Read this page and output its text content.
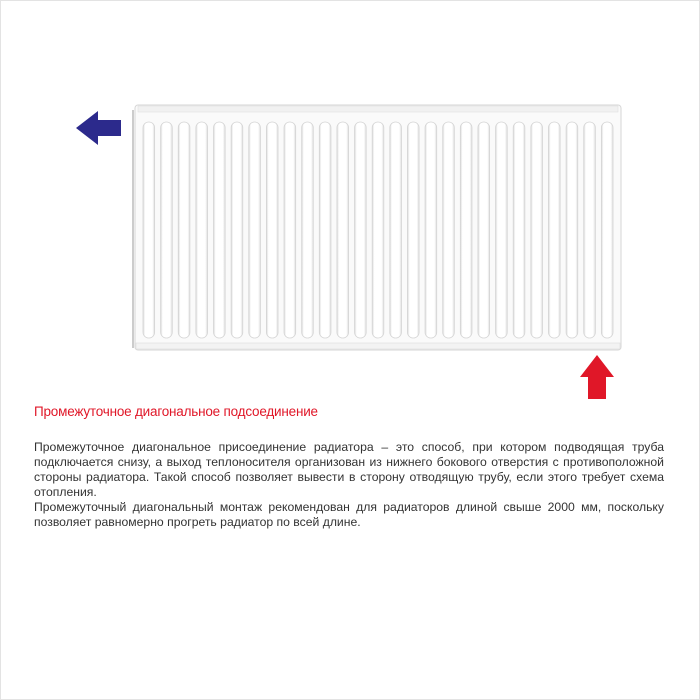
Промежуточное диагональное подсоединение

Промежуточное диагональное присоединение радиатора – это способ, при котором подводящая труба подключается снизу, а выход теплоносителя организован из нижнего бокового отверстия с противоположной стороны радиатора. Такой способ позволяет вывести в сторону отводящую трубу, если этого требует схема отопления.

Промежуточный диагональный монтаж рекомендован для радиаторов длиной свыше 2000 мм, поскольку позволяет равномерно прогреть радиатор по всей длине.
